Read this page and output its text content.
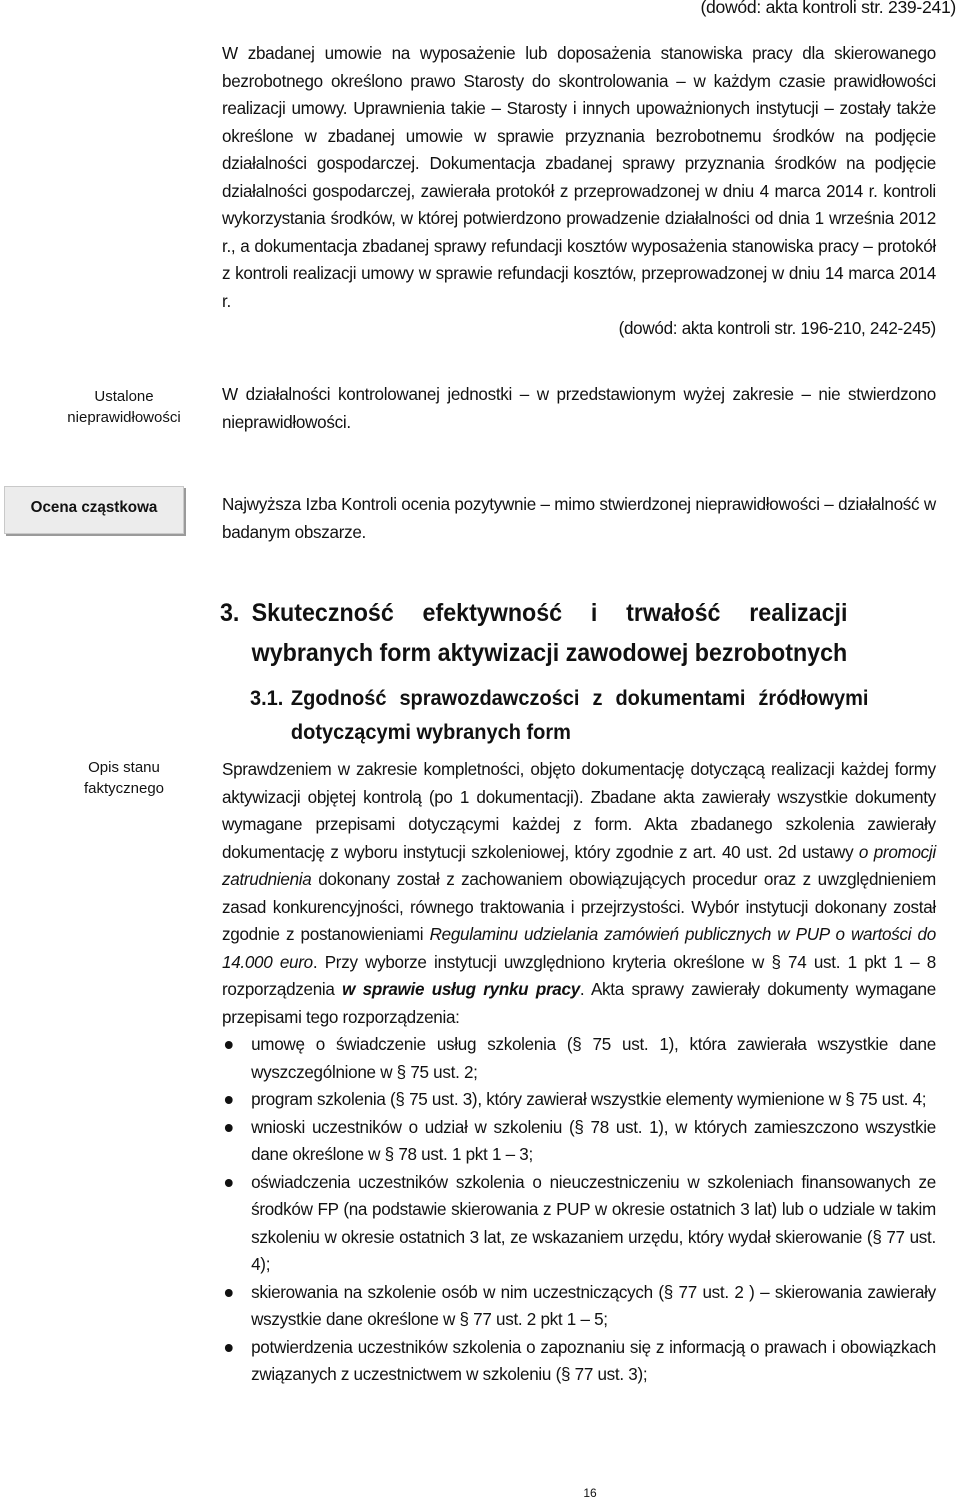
(dowód: akta kontroli str. 239-241)

W zbadanej umowie na wyposażenie lub doposażenia stanowiska pracy dla skierowanego bezrobotnego określono prawo Starosty do skontrolowania – w każdym czasie prawidłowości realizacji umowy. Uprawnienia takie – Starosty i innych upoważnionych instytucji – zostały także określone w zbadanej umowie w sprawie przyznania bezrobotnemu środków na podjęcie działalności gospodarczej. Dokumentacja zbadanej sprawy przyznania środków na podjęcie działalności gospodarczej, zawierała protokół z przeprowadzonej w dniu 4 marca 2014 r. kontroli wykorzystania środków, w której potwierdzono prowadzenie działalności od dnia 1 września 2012 r., a dokumentacja zbadanej sprawy refundacji kosztów wyposażenia stanowiska pracy – protokół z kontroli realizacji umowy w sprawie refundacji kosztów, przeprowadzonej w dniu 14 marca 2014 r.

(dowód: akta kontroli str. 196-210, 242-245)

Ustalone
nieprawidłowości

W działalności kontrolowanej jednostki – w przedstawionym wyżej zakresie – nie stwierdzono nieprawidłowości.

Ocena cząstkowa	Najwyższa Izba Kontroli ocenia pozytywnie – mimo stwierdzonej nieprawidłowości – działalność w badanym obszarze.

3. Skuteczność efektywność i trwałość realizacji
wybranych form aktywizacji zawodowej bezrobotnych
3.1. Zgodność sprawozdawczości z dokumentami źródłowymi
dotyczącymi wybranych form
Opis stanu
faktycznego

Sprawdzeniem w zakresie kompletności, objęto dokumentację dotyczącą realizacji każdej formy aktywizacji objętej kontrolą (po 1 dokumentacji). Zbadane akta zawierały wszystkie dokumenty wymagane przepisami dotyczącymi każdej z form. Akta zbadanego szkolenia zawierały dokumentację z wyboru instytucji szkoleniowej, który zgodnie z art. 40 ust. 2d ustawy o promocji zatrudnienia dokonany został z zachowaniem obowiązujących procedur oraz z uwzględnieniem zasad konkurencyjności, równego traktowania i przejrzystości. Wybór instytucji dokonany został zgodnie z postanowieniami Regulaminu udzielania zamówień publicznych w PUP o wartości do 14.000 euro. Przy wyborze instytucji uwzględniono kryteria określone w § 74 ust. 1 pkt 1 – 8 rozporządzenia w sprawie usług rynku pracy. Akta sprawy zawierały dokumenty wymagane przepisami tego rozporządzenia:

umowę o świadczenie usług szkolenia (§ 75 ust. 1), która zawierała wszystkie dane wyszczególnione w § 75 ust. 2;
program szkolenia (§ 75 ust. 3), który zawierał wszystkie elementy wymienione w § 75 ust. 4;
wnioski uczestników o udział w szkoleniu (§ 78 ust. 1), w których zamieszczono wszystkie dane określone w § 78 ust. 1 pkt 1 – 3;
oświadczenia uczestników szkolenia o nieuczestniczeniu w szkoleniach finansowanych ze środków FP (na podstawie skierowania z PUP w okresie ostatnich 3 lat) lub o udziale w takim szkoleniu w okresie ostatnich 3 lat, ze wskazaniem urzędu, który wydał skierowanie (§ 77 ust. 4);
skierowania na szkolenie osób w nim uczestniczących (§ 77 ust. 2 ) – skierowania zawierały wszystkie dane określone w § 77 ust. 2 pkt 1 – 5;
potwierdzenia uczestników szkolenia o zapoznaniu się z informacją o prawach i obowiązkach związanych z uczestnictwem w szkoleniu (§ 77 ust. 3);
16
